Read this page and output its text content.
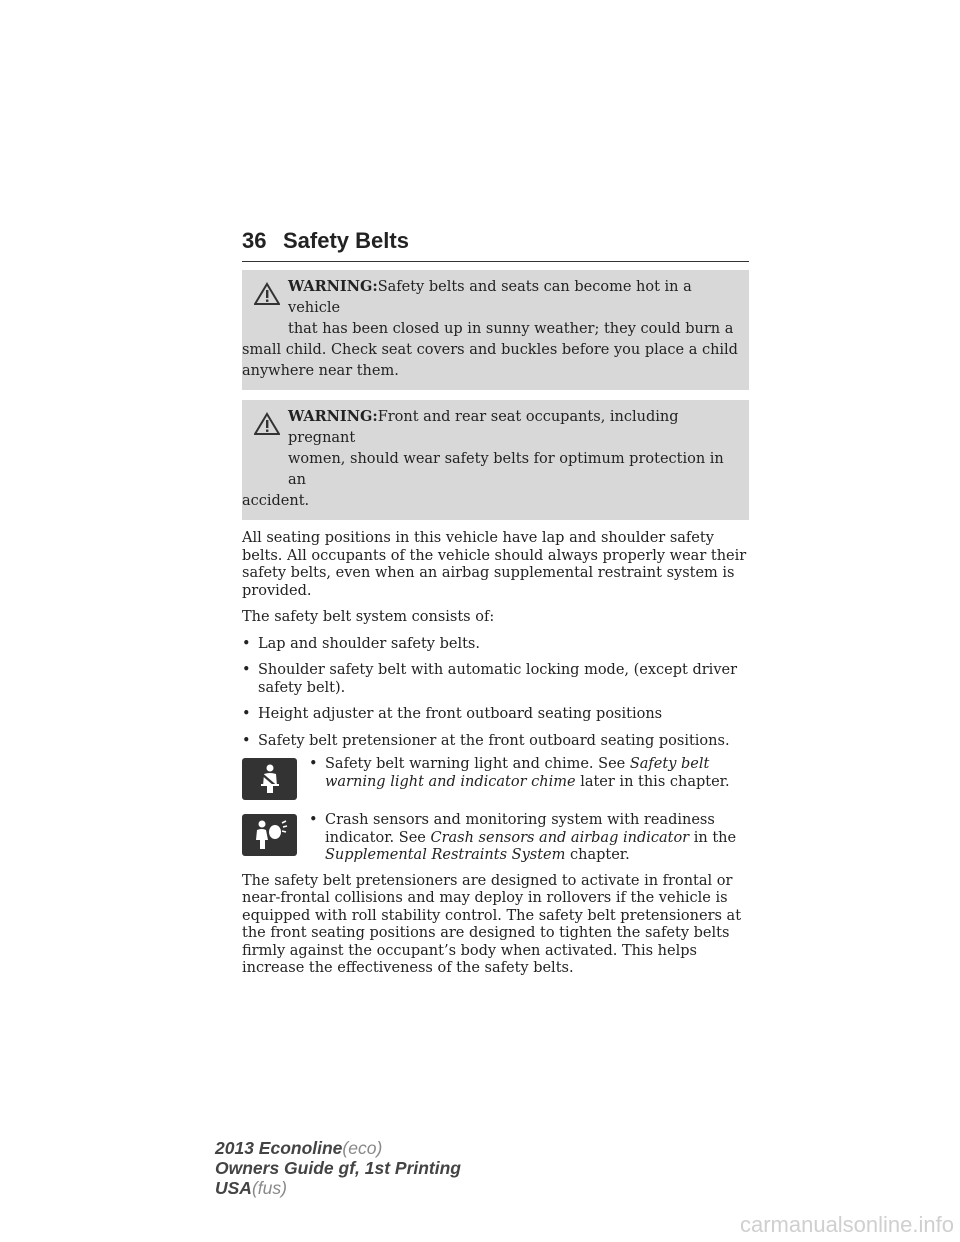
36 Safety Belts
WARNING:Safety belts and seats can become hot in a vehicle
that has been closed up in sunny weather; they could burn a
small child. Check seat covers and buckles before you place a child anywhere near them.
WARNING:Front and rear seat occupants, including pregnant
women, should wear safety belts for optimum protection in an
accident.

All seating positions in this vehicle have lap and shoulder safety belts. All occupants of the vehicle should always properly wear their safety belts, even when an airbag supplemental restraint system is provided.

The safety belt system consists of:

• Lap and shoulder safety belts.
• Shoulder safety belt with automatic locking mode, (except driver safety belt).
• Height adjuster at the front outboard seating positions
• Safety belt pretensioner at the front outboard seating positions.
• Safety belt warning light and chime. See Safety belt warning light and indicator chime later in this chapter.
• Crash sensors and monitoring system with readiness indicator. See Crash sensors and airbag indicator in the Supplemental Restraints System chapter.

The safety belt pretensioners are designed to activate in frontal or near-frontal collisions and may deploy in rollovers if the vehicle is equipped with roll stability control. The safety belt pretensioners at the front seating positions are designed to tighten the safety belts firmly against the occupant’s body when activated. This helps increase the effectiveness of the safety belts.

2013 Econoline(eco)
Owners Guide gf, 1st Printing
USA(fus)
carmanualsonline.info
